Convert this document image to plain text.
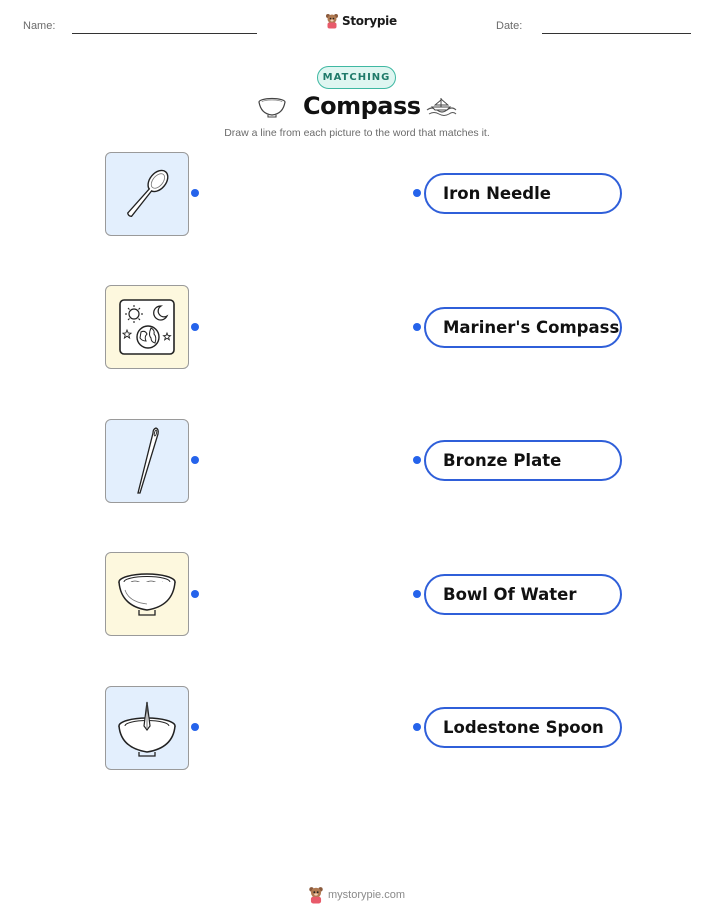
Name:	Storypie	Date:
MATCHING
Compass
Draw a line from each picture to the word that matches it.
Iron Needle
Mariner's Compass
Bronze Plate
Bowl Of Water
Lodestone Spoon
mystorypie.com
